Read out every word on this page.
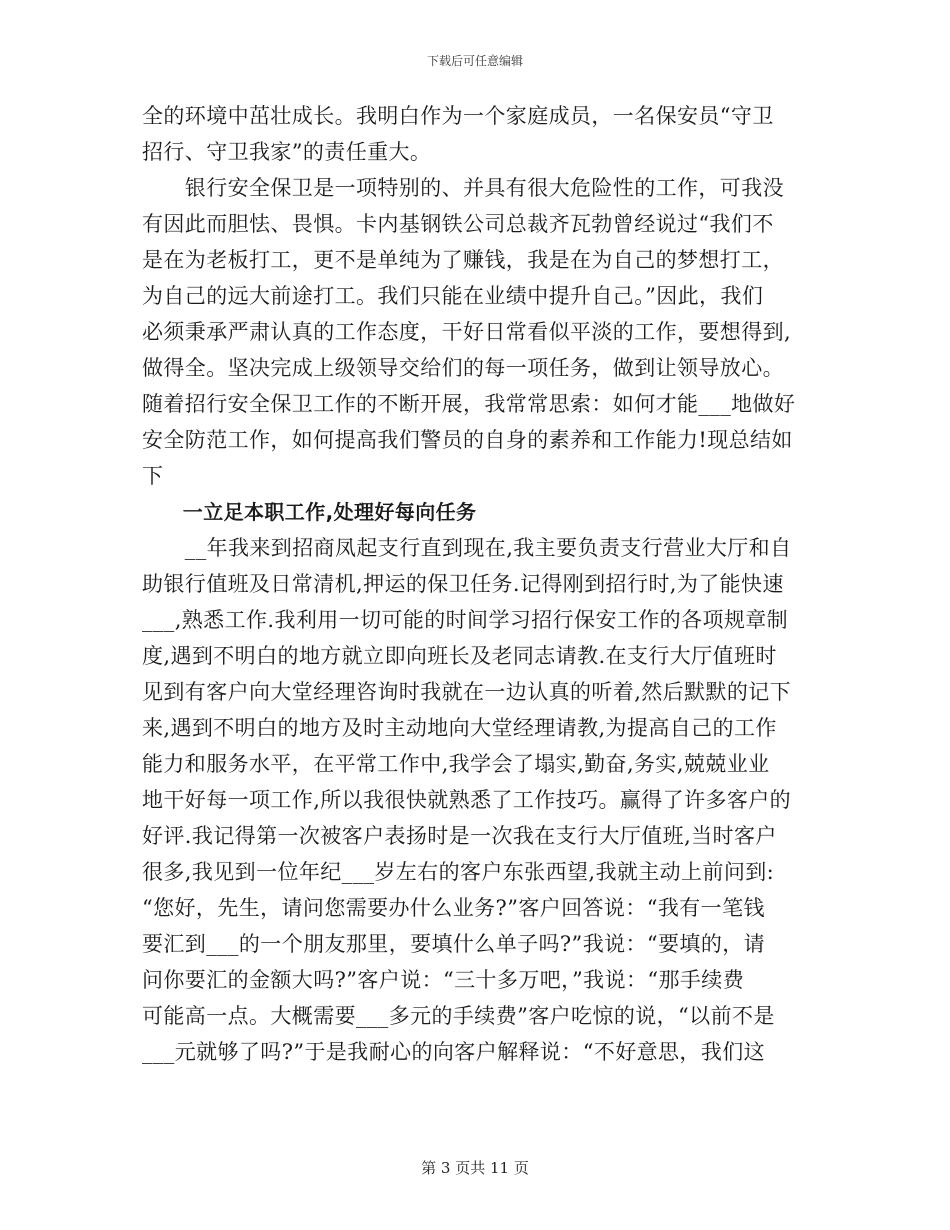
下载后可任意编辑
全的环境中茁壮成长。我明白作为一个家庭成员，一名保安员“守卫
招行、守卫我家”的责任重大。
　　银行安全保卫是一项特别的、并具有很大危险性的工作，可我没
有因此而胆怯、畏惧。卡内基钢铁公司总裁齐瓦勃曾经说过“我们不
是在为老板打工，更不是单纯为了赚钱，我是在为自己的梦想打工，
为自己的远大前途打工。我们只能在业绩中提升自己。”因此，我们
必须秉承严肃认真的工作态度，干好日常看似平淡的工作，要想得到,
做得全。坚决完成上级领导交给们的每一项任务，做到让领导放心。
随着招行安全保卫工作的不断开展，我常常思索：如何才能___地做好
安全防范工作，如何提高我们警员的自身的素养和工作能力!现总结如
下
　　一立足本职工作,处理好每向任务
　　__年我来到招商凤起支行直到现在,我主要负责支行营业大厅和自
助银行值班及日常清机,押运的保卫任务.记得刚到招行时,为了能快速
___,熟悉工作.我利用一切可能的时间学习招行保安工作的各项规章制
度,遇到不明白的地方就立即向班长及老同志请教.在支行大厅值班时
见到有客户向大堂经理咨询时我就在一边认真的听着,然后默默的记下
来,遇到不明白的地方及时主动地向大堂经理请教,为提高自己的工作
能力和服务水平，在平常工作中,我学会了塌实,勤奋,务实,兢兢业业
地干好每一项工作,所以我很快就熟悉了工作技巧。赢得了许多客户的
好评.我记得第一次被客户表扬时是一次我在支行大厅值班,当时客户
很多,我见到一位年纪___岁左右的客户东张西望,我就主动上前问到:
“您好，先生，请问您需要办什么业务?”客户回答说：“我有一笔钱
要汇到___的一个朋友那里，要填什么单子吗?”我说：“要填的，请
问你要汇的金额大吗?”客户说：“三十多万吧，”我说：“那手续费
可能高一点。大概需要___多元的手续费”客户吃惊的说，“以前不是
___元就够了吗?”于是我耐心的向客户解释说：“不好意思，我们这
第 3 页共 11 页
